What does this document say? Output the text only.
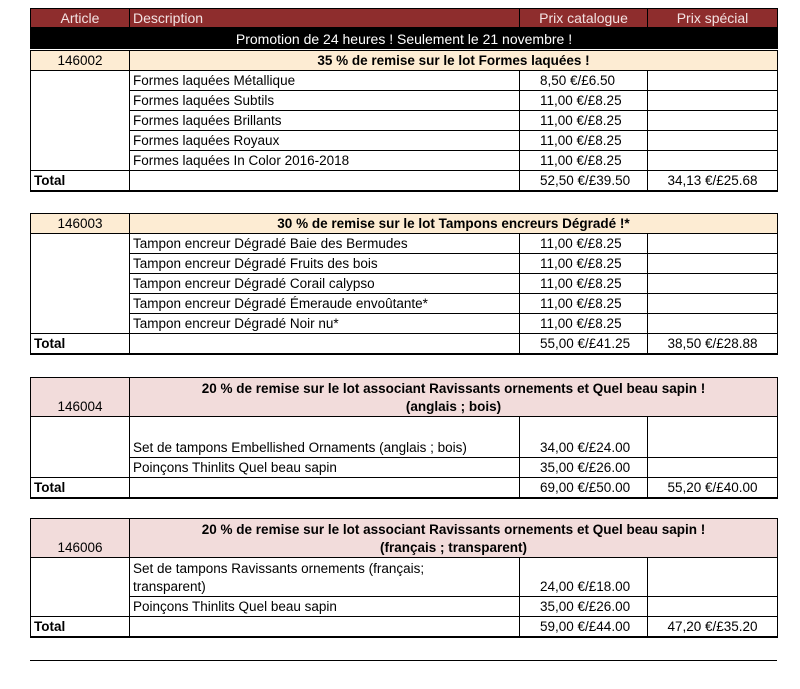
Article	Description	Prix catalogue	Prix spécial
Promotion de 24 heures ! Seulement le 21 novembre !
146002	35 % de remise sur le lot Formes laquées !		
	Formes laquées Métallique	8,50 €/£6.50	
	Formes laquées Subtils	11,00 €/£8.25	
	Formes laquées Brillants	11,00 €/£8.25	
	Formes laquées Royaux	11,00 €/£8.25	
	Formes laquées In Color 2016-2018	11,00 €/£8.25	
Total		52,50 €/£39.50	34,13 €/£25.68
146003	30 % de remise sur le lot Tampons encreurs Dégradé !*		
	Tampon encreur Dégradé Baie des Bermudes	11,00 €/£8.25	
	Tampon encreur Dégradé Fruits des bois	11,00 €/£8.25	
	Tampon encreur Dégradé Corail calypso	11,00 €/£8.25	
	Tampon encreur Dégradé Émeraude envoûtante*	11,00 €/£8.25	
	Tampon encreur Dégradé Noir nu*	11,00 €/£8.25	
Total		55,00 €/£41.25	38,50 €/£28.88
146004	20 % de remise sur le lot associant Ravissants ornements et Quel beau sapin !
(anglais ; bois)		

	Set de tampons Embellished Ornaments (anglais ; bois)	34,00 €/£24.00	
	Poinçons Thinlits Quel beau sapin	35,00 €/£26.00	
Total		69,00 €/£50.00	55,20 €/£40.00
146006	20 % de remise sur le lot associant Ravissants ornements et Quel beau sapin !
(français ; transparent)		

	Set de tampons Ravissants ornements (français;
transparent)	24,00 €/£18.00	
	Poinçons Thinlits Quel beau sapin	35,00 €/£26.00	
Total		59,00 €/£44.00	47,20 €/£35.20
